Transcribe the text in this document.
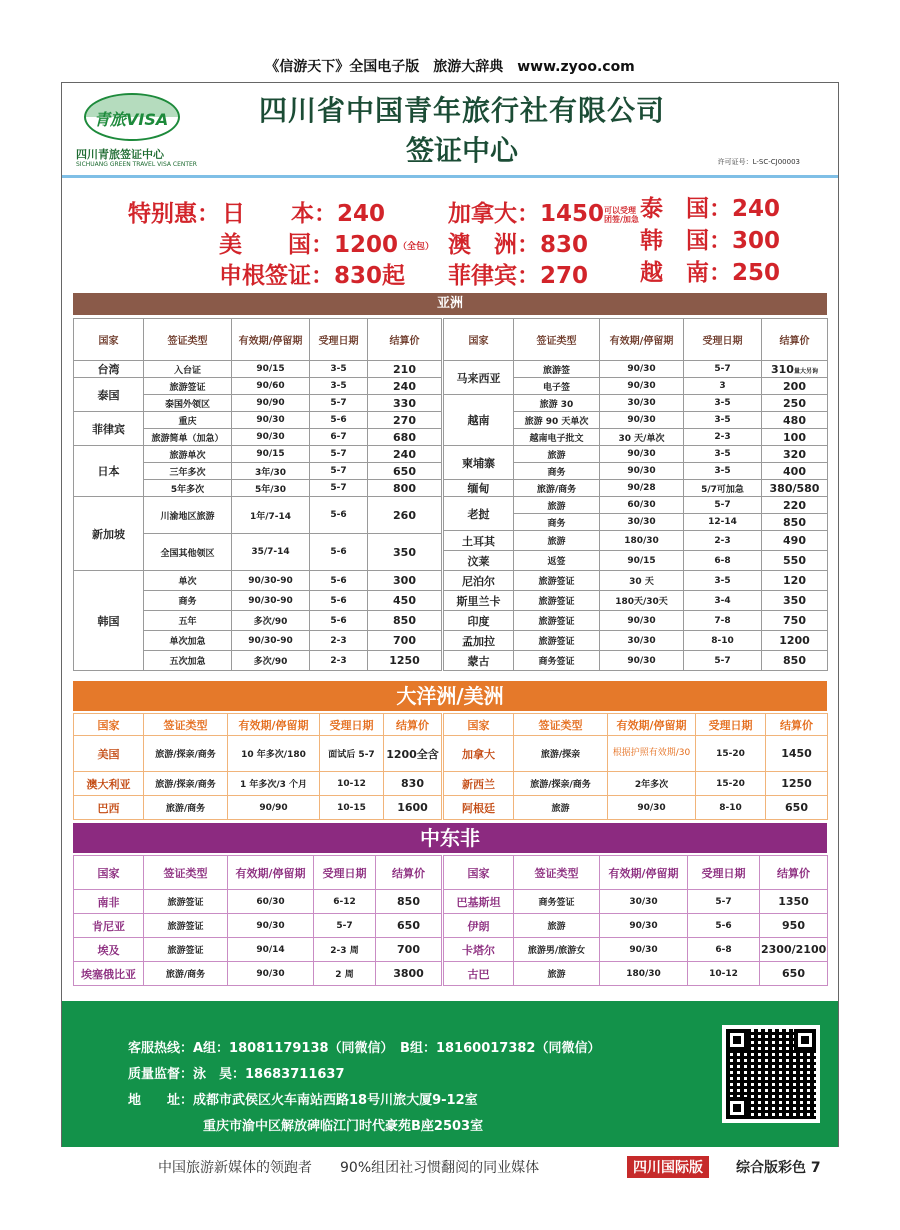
《信游天下》全国电子版　旅游大辞典　www.zyoo.com
青旅VISA
四川青旅签证中心
SICHUANG GREEN TRAVEL VISA CENTER
四川省中国青年旅行社有限公司
签证中心	许可证号：L-SC-CJ00003
特别惠： 日　　本：240
美　　国：1200（全包）
申根签证：830起
加拿大：1450可以受理团签/加急
澳　洲：830
菲律宾：270
泰　国：240
韩　国：300
越　南：250
亚洲
国家	签证类型	有效期/停留期	受理日期	结算价
台湾	入台证	90/15	3-5	210
泰国	旅游签证	90/60	3-5	240
	泰国外领区	90/90	5-7	330
菲律宾	重庆	90/30	5-6	270
	旅游简单（加急）	90/30	6-7	680
日本	旅游单次	90/15	5-7	240
	三年多次	3年/30	5-7	650
	5年多次	5年/30	5-7	800
新加坡	川渝地区旅游	1年/7-14	5-6	260
	全国其他领区	35/7-14	5-6	350
韩国	单次	90/30-90	5-6	300
	商务	90/30-90	5-6	450
	五年	多次/90	5-6	850
	单次加急	90/30-90	2-3	700
	五次加急	多次/90	2-3	1250
国家	签证类型	有效期/停留期	受理日期	结算价
马来西亚	旅游签	90/30	5-7	310量大另询
	电子签	90/30	3	200
越南	旅游 30	30/30	3-5	250
	旅游 90 天单次	90/30	3-5	480
	越南电子批文	30 天/单次	2-3	100
柬埔寨	旅游	90/30	3-5	320
	商务	90/30	3-5	400
缅甸	旅游/商务	90/28	5/7可加急	380/580
老挝	旅游	60/30	5-7	220
	商务	30/30	12-14	850
土耳其	旅游	180/30	2-3	490
汶莱	返签	90/15	6-8	550
尼泊尔	旅游签证	30 天	3-5	120
斯里兰卡	旅游签证	180天/30天	3-4	350
印度	旅游签证	90/30	7-8	750
孟加拉	旅游签证	30/30	8-10	1200
蒙古	商务签证	90/30	5-7	850
大洋洲/美洲
国家	签证类型	有效期/停留期	受理日期	结算价
美国	旅游/探亲/商务	10 年多次/180	面试后 5-7	1200全含
澳大利亚	旅游/探亲/商务	1 年多次/3 个月	10-12	830
巴西	旅游/商务	90/90	10-15	1600
国家	签证类型	有效期/停留期	受理日期	结算价
加拿大	旅游/探亲	根据护照有效期/30	15-20	1450
新西兰	旅游/探亲/商务	2年多次	15-20	1250
阿根廷	旅游	90/30	8-10	650
中东非
国家	签证类型	有效期/停留期	受理日期	结算价
南非	旅游签证	60/30	6-12	850
肯尼亚	旅游签证	90/30	5-7	650
埃及	旅游签证	90/14	2-3 周	700
埃塞俄比亚	旅游/商务	90/30	2 周	3800
国家	签证类型	有效期/停留期	受理日期	结算价
巴基斯坦	商务签证	30/30	5-7	1350
伊朗	旅游	90/30	5-6	950
卡塔尔	旅游男/旅游女	90/30	6-8	2300/2100
古巴	旅游	180/30	10-12	650
客服热线：A组：18081179138（同微信）　B组：18160017382（同微信）
质量监督：泳　昊：18683711637
地　　址：成都市武侯区火车南站西路18号川旅大厦9-12室
重庆市渝中区解放碑临江门时代豪苑B座2503室
中国旅游新媒体的领跑者　　90%组团社习惯翻阅的同业媒体	四川国际版	综合版彩色 7
